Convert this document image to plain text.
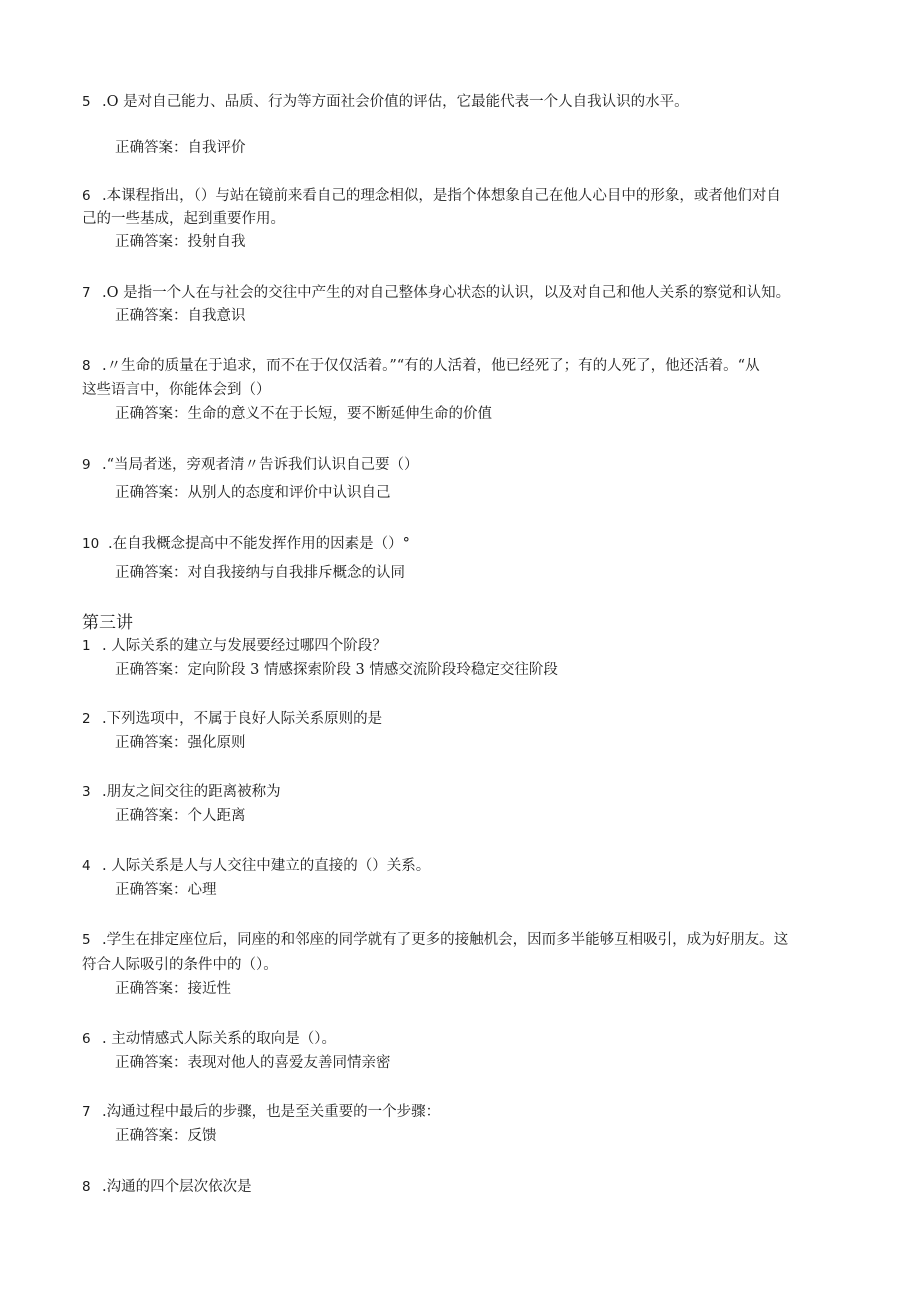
5 .O 是对自己能力、品质、行为等方面社会价值的评估，它最能代表一个人自我认识的水平。
正确答案：自我评价
6 .本课程指出，（）与站在镜前来看自己的理念相似，是指个体想象自己在他人心目中的形象，或者他们对自
己的一些基成，起到重要作用。
正确答案：投射自我
7 .O 是指一个人在与社会的交往中产生的对自己整体身心状态的认识，以及对自己和他人关系的察觉和认知。
正确答案：自我意识
8 .〃生命的质量在于追求，而不在于仅仅活着。”“有的人活着，他已经死了；有的人死了，他还活着。“从
这些语言中，你能体会到（）
正确答案：生命的意义不在于长短，要不断延伸生命的价值
9 .“当局者迷，旁观者清〃告诉我们认识自己要（）
正确答案：从别人的态度和评价中认识自己
10 .在自我概念提高中不能发挥作用的因素是（）°
正确答案：对自我接纳与自我排斥概念的认同
第三讲
1 . 人际关系的建立与发展要经过哪四个阶段？
正确答案：定向阶段 3 情感探索阶段 3 情感交流阶段玲稳定交往阶段
2 .下列选项中，不属于良好人际关系原则的是
正确答案：强化原则
3 .朋友之间交往的距离被称为
正确答案：个人距离
4 . 人际关系是人与人交往中建立的直接的（）关系。
正确答案：心理
5 .学生在排定座位后，同座的和邻座的同学就有了更多的接触机会，因而多半能够互相吸引，成为好朋友。这
符合人际吸引的条件中的（）。
正确答案：接近性
6 . 主动情感式人际关系的取向是（）。
正确答案：表现对他人的喜爱友善同情亲密
7 .沟通过程中最后的步骤，也是至关重要的一个步骤：
正确答案：反馈
8 .沟通的四个层次依次是
